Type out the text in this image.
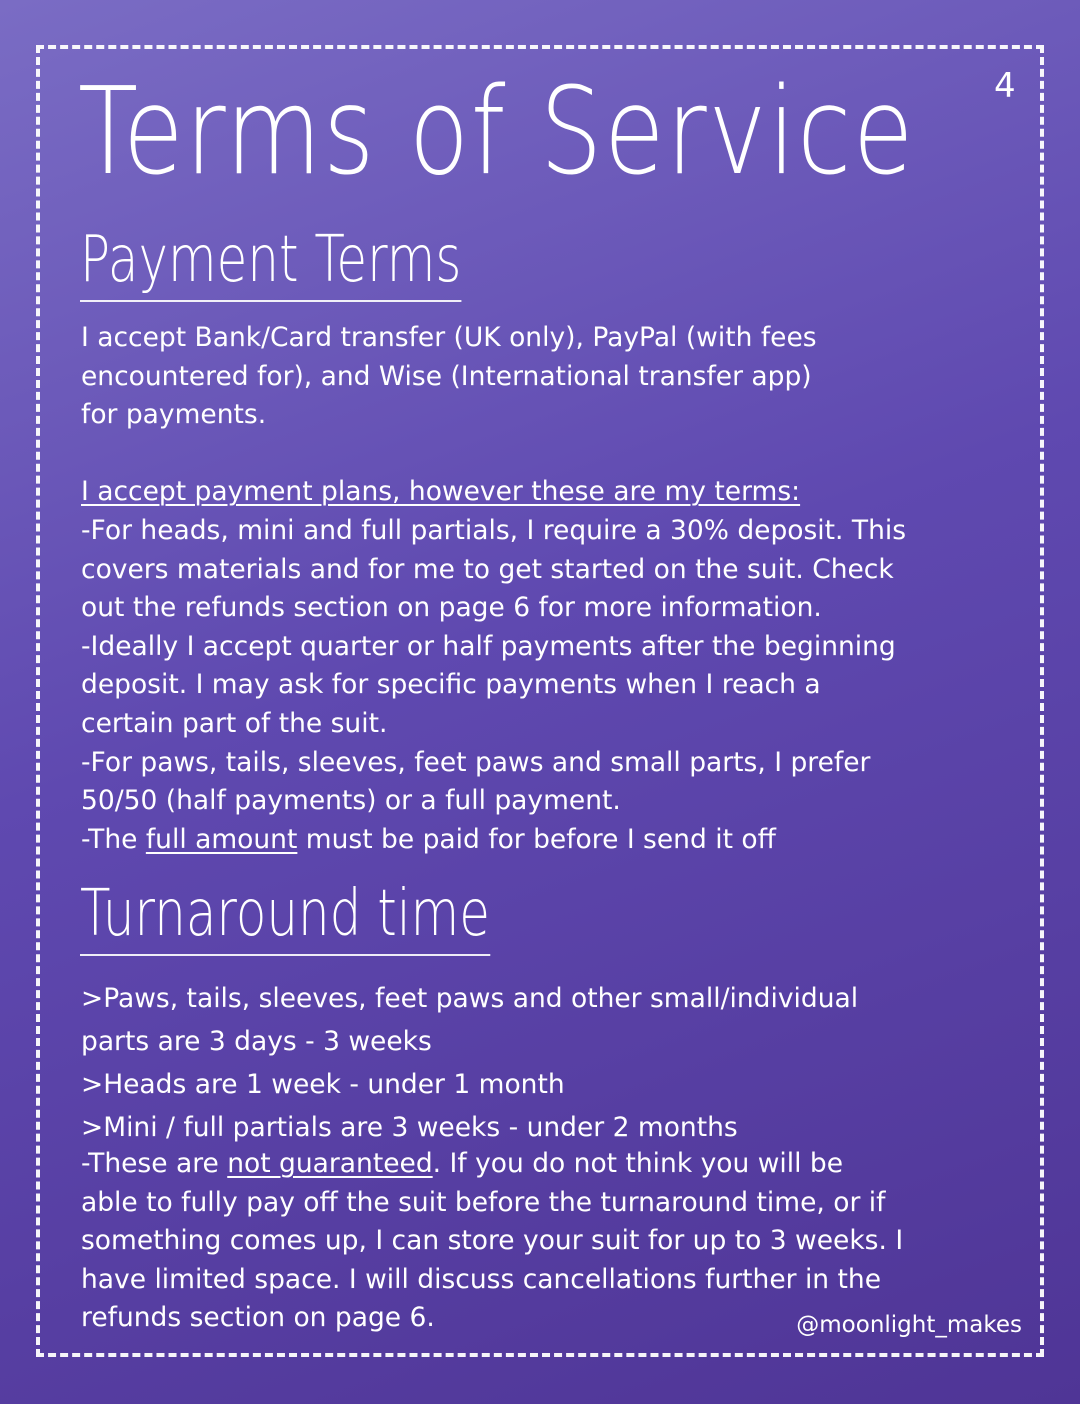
4
Terms of Service
Payment Terms
I accept Bank/Card transfer (UK only), PayPal (with fees
encountered for), and Wise (International transfer app)
for payments.

I accept payment plans, however these are my terms:
-For heads, mini and full partials, I require a 30% deposit. This
covers materials and for me to get started on the suit. Check
out the refunds section on page 6 for more information.
-Ideally I accept quarter or half payments after the beginning
deposit. I may ask for specific payments when I reach a
certain part of the suit.
-For paws, tails, sleeves, feet paws and small parts, I prefer
50/50 (half payments) or a full payment.
-The full amount must be paid for before I send it off
Turnaround time
>Paws, tails, sleeves, feet paws and other small/individual
parts are 3 days - 3 weeks
>Heads are 1 week - under 1 month
>Mini / full partials are 3 weeks - under 2 months
-These are not guaranteed. If you do not think you will be
able to fully pay off the suit before the turnaround time, or if
something comes up, I can store your suit for up to 3 weeks. I
have limited space. I will discuss cancellations further in the
refunds section on page 6.	@moonlight_makes
